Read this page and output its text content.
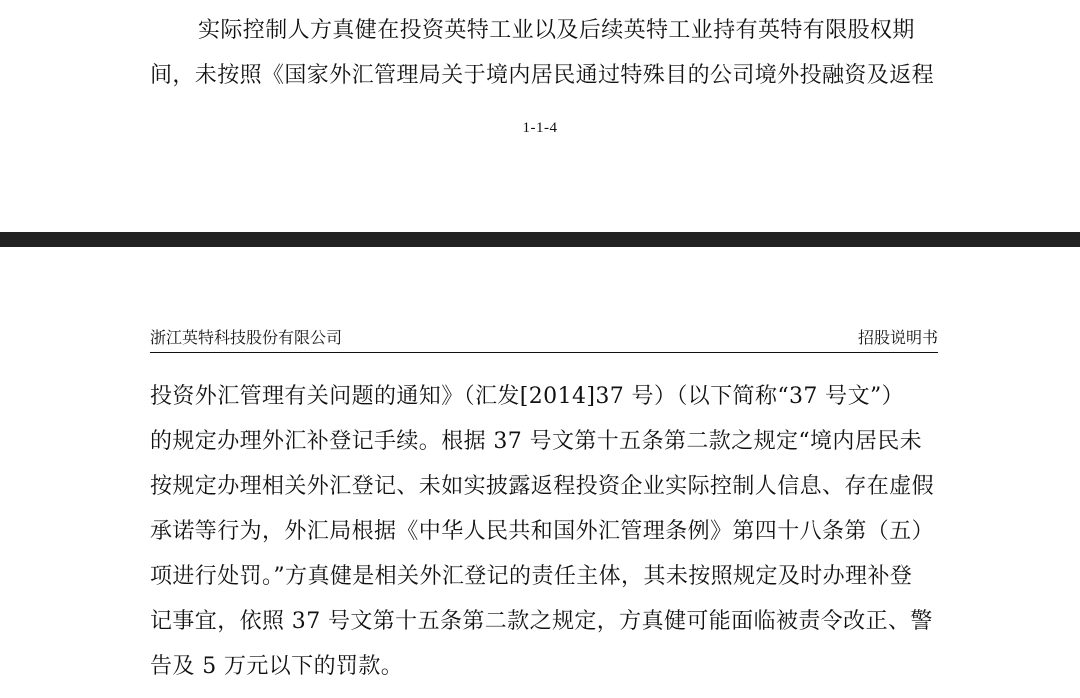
实际控制人方真健在投资英特工业以及后续英特工业持有英特有限股权期
间，未按照《国家外汇管理局关于境内居民通过特殊目的公司境外投融资及返程
1-1-4
浙江英特科技股份有限公司	招股说明书
投资外汇管理有关问题的通知》（汇发[2014]37 号）（以下简称“37 号文”）
的规定办理外汇补登记手续。根据 37 号文第十五条第二款之规定“境内居民未
按规定办理相关外汇登记、未如实披露返程投资企业实际控制人信息、存在虚假
承诺等行为，外汇局根据《中华人民共和国外汇管理条例》第四十八条第（五）
项进行处罚。”方真健是相关外汇登记的责任主体，其未按照规定及时办理补登
记事宜，依照 37 号文第十五条第二款之规定，方真健可能面临被责令改正、警
告及 5 万元以下的罚款。
